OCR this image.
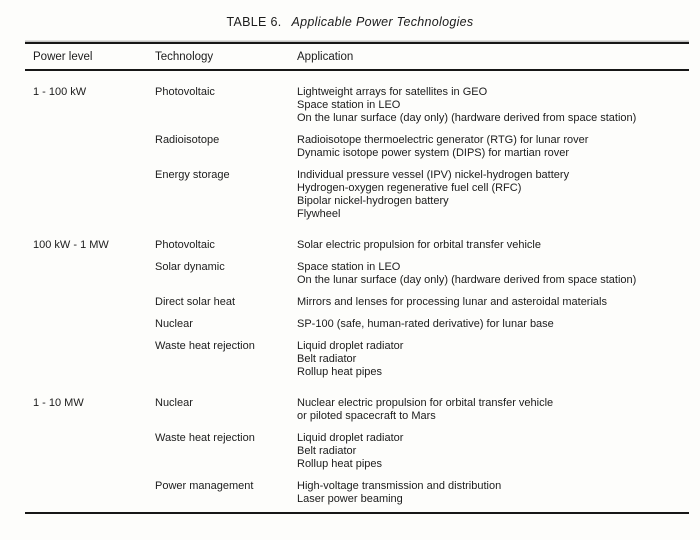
TABLE 6. Applicable Power Technologies
Power level	Technology	Application
1 - 100 kW	Photovoltaic	Lightweight arrays for satellites in GEO
Space station in LEO
On the lunar surface (day only) (hardware derived from space station)
Radioisotope	Radioisotope thermoelectric generator (RTG) for lunar rover
Dynamic isotope power system (DIPS) for martian rover
Energy storage	Individual pressure vessel (IPV) nickel-hydrogen battery
Hydrogen-oxygen regenerative fuel cell (RFC)
Bipolar nickel-hydrogen battery
Flywheel
100 kW - 1 MW	Photovoltaic	Solar electric propulsion for orbital transfer vehicle
Solar dynamic	Space station in LEO
On the lunar surface (day only) (hardware derived from space station)
Direct solar heat	Mirrors and lenses for processing lunar and asteroidal materials
Nuclear	SP-100 (safe, human-rated derivative) for lunar base
Waste heat rejection	Liquid droplet radiator
Belt radiator
Rollup heat pipes
1 - 10 MW	Nuclear	Nuclear electric propulsion for orbital transfer vehicle
or piloted spacecraft to Mars
Waste heat rejection	Liquid droplet radiator
Belt radiator
Rollup heat pipes
Power management	High-voltage transmission and distribution
Laser power beaming
